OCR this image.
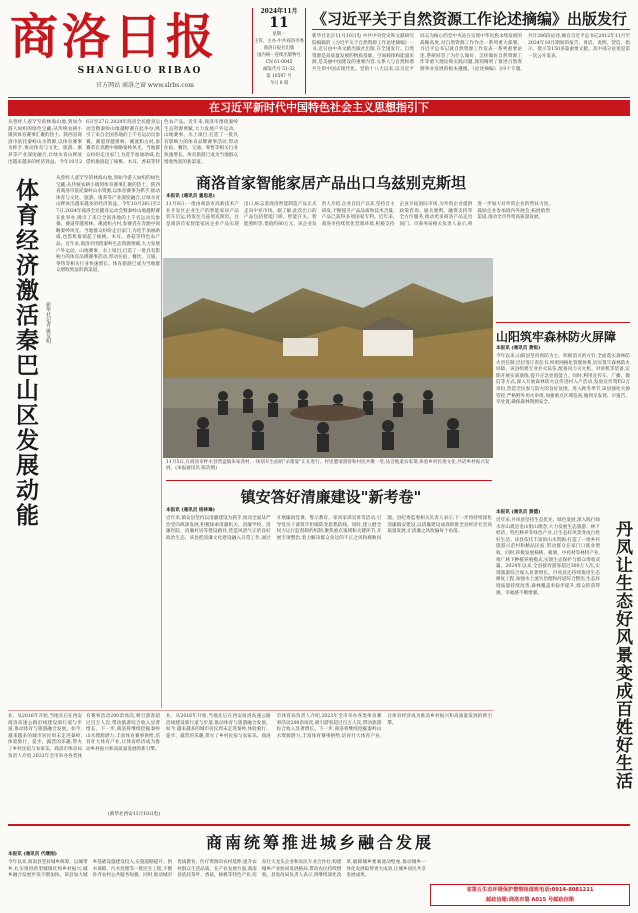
商洛日报
SHANGLUO RIBAO
官方网站 商洛之窗 www.slrbs.com
2024年11月
11
星期一
主管、主办:中共商洛市委
商洛日报社出版
国内统一连续出版物号
CN 61-0045
邮发代号 51-32
第 10597 号
今日 8 版
《习近平关于自然资源工作论述摘编》出版发行
新华社北京11月10日电 中共中央党史和文献研究院编辑的《习近平关于自然资源工作论述摘编》一书,近日由中央文献出版社出版,在全国发行。自然资源是高质量发展的物质基础、空间载体和能量来源,是美丽中国建设的重要内容,关系人与自然和谐共生的中国式现代化。党的十八大以来,以习近平同志为核心的党中央站在实现中华民族永续发展的战略高度,对自然资源工作作出一系列重大部署。习近平总书记就自然资源工作发表一系列重要论述,系统回答了为什么做好、怎样做好自然资源工作等重大理论和实践问题,深刻阐明了推进自然资源事业发展的根本遵循。《论述摘编》分8个专题,共计286段论述,摘自习近平总书记2012年11月至2024年10月期间的报告、讲话、说明、贺信、指示、批示等150多篇重要文献。其中部分论述是第一次公开发表。
在习近平新时代中国特色社会主义思想指引下
从曾经人迹罕至的林海山地,到如今游人如织的绿色宝藏;从传统农耕小镇到体育赛事汇聚的热土。陕西省商洛市依托秦岭山水资源,以体育赛事为抓手,推动体育与文化、旅游、康养等产业深度融合,让绿水青山释放出越来越多的经济效益。今年10月26日至27日,2024年商洛全民健身运动会暨秦岭山地越野赛在此举办,吸引了来自全国各地的上千名运动员参赛。赛道穿越密林、溪流和古村,参赛者在奔跑中领略秦岭风光。当地群众纷纷走出家门,为选手加油助威,也借机推销起了核桃、木耳、香菇等特色农产品。近年来,商洛市围绕秦岭生态资源禀赋,大力发展户外运动、山地赛事、水上项目,打造了一批具有影响力的体育品牌赛事活动,带动住宿、餐饮、交通、零售等相关行业快速增长。体育旅游已成为当地群众增收致富的新渠道。
体育经济激活秦巴山区发展动能	新华社记者 姚友明
从曾经人迹罕至的林海山地,到如今游人如织的绿色宝藏;从传统农耕小镇到体育赛事汇聚的热土。陕西省商洛市依托秦岭山水资源,以体育赛事为抓手,推动体育与文化、旅游、康养等产业深度融合,让绿水青山释放出越来越多的经济效益。今年10月26日至27日,2024年商洛全民健身运动会暨秦岭山地越野赛在此举办,吸引了来自全国各地的上千名运动员参赛。赛道穿越密林、溪流和古村,参赛者在奔跑中领略秦岭风光。当地群众纷纷走出家门,为选手加油助威,也借机推销起了核桃、木耳、香菇等特色农产品。近年来,商洛市围绕秦岭生态资源禀赋,大力发展户外运动、山地赛事、水上项目,打造了一批具有影响力的体育品牌赛事活动,带动住宿、餐饮、交通、零售等相关行业快速增长。体育旅游已成为当地群众增收致富的新渠道。
商洛首家智能家居产品出口乌兹别克斯坦
本报讯 (通讯员 童思思)
11月8日,一批由商洛市高新技术产业开发区企业生产的智能家居产品装车启运,将发往乌兹别克斯坦。这是商洛首家智能家居企业产品实现出口,标志着商洛智能制造产品正式走向中亚市场。据了解,此次出口的产品包括智能门锁、智能开关、智能照明等,货值约80万元。该企业负责人介绍,企业自投产以来,坚持自主研发,不断提升产品品质和技术含量,产品已获得多项国家专利。近年来,商洛市持续优化营商环境,积极支持企业开拓国际市场,为外贸企业提供政策咨询、通关便利、融资支持等全方位服务,推动更多商洛产品走出国门。市商务局相关负责人表示,将进一步加大对外贸企业的帮扶力度,鼓励企业参加境内外展会,拓展销售渠道,推动全市外贸高质量发展。
11月5日,在商洛市柞水县营盘镇朱家湾村,一场别开生面的"杀猪宴"正在进行。村里邀请游客和村民共聚一堂,品尝地道农家菜,体验乡村民俗文化,共话乡村振兴发展。(本报通讯员 陈浩摄)
山阳筑牢森林防火屏障
本报讯 (通讯员 黄锐)
今年以来,山阳县坚持预防为主、积极消灭的方针,全面落实森林防火责任制,层层签订责任书,织密网格化管理体系,切实筑牢森林防火屏障。该县组建专业扑火队伍,配备风力灭火机、对讲机等装备,定期开展实战演练,提升应急处置能力。同时,利用宣传车、广播、微信等方式,深入开展森林防火宣传进村入户活动,发放宣传资料2万余份,营造全民参与防火的良好氛围。进入秋冬季节,该县强化火源管控,严格野外用火审批,加强重点区域巡查,做到早发现、早报告、早处置,确保森林资源安全。
本报讯 (通讯员 黄德)
近年来,丹凤县坚持生态优先、绿色发展,深入践行绿水青山就是金山银山理念,大力发展生态旅游、林下经济、特色种养等绿色产业,让生态好风景变成百姓好生活。该县依托丰富的山水资源,打造了一批乡村旅游示范村和精品民宿,带动群众在家门口就业增收。同时,积极发展核桃、板栗、中药材等林特产业,推广林下种植养殖模式,实现生态保护与群众增收双赢。2024年以来,全县接待游客超过300万人次,实现旅游综合收入显著增长。丹凤县还持续推进生态修复工程,加强水土流失治理和河道综合整治,生态环境质量持续改善,森林覆盖率稳步提升,群众的获得感、幸福感不断增强。	丹凤让生态好风景变成百姓好生活
镇安答好清廉建设"新考卷"
本报讯 (通讯员 杨林琳)
近年来,镇安县坚持以清廉建设为抓手,推动全面从严治党向纵深发展,积极探索清廉机关、清廉学校、清廉医院、清廉村居等建设路径,营造风清气正的良好政治生态。该县把清廉文化建设融入日常工作,通过开展廉政党课、警示教育、家风家训宣讲等活动,引导党员干部筑牢拒腐防变思想防线。同时,建立健全权力运行监督制约机制,聚焦重点领域和关键环节,开展专项整治,着力解决群众身边的不正之风和腐败问题。县纪委监委相关负责人表示,下一步将持续深化清廉镇安建设,以清廉建设成效助推全县经济社会高质量发展,让清廉之风吹遍每个角落。
业、从2016年开始,当地先后在西安商洛高速公路沿线建设骑行道与步道,推动体育与旅游融合发展。如今,越来越多的城市居民周末走进秦岭,体验骑行、徒步、露营的乐趣,带火了乡村民宿与农家乐。商洛市体育局负责人介绍,2023年全市举办各类体育赛事活动200余场次,吸引游客超过百万人次,带动旅游综合收入显著增长。下一步,商洛将继续挖掘秦岭山水资源潜力,丰富体育赛事供给,培育壮大体育产业,让体育经济成为推动乡村振兴和高质量发展的新引擎。
(新华社西安11月10日电)
业、从2016年开始,当地先后在西安商洛高速公路沿线建设骑行道与步道,推动体育与旅游融合发展。如今,越来越多的城市居民周末走进秦岭,体验骑行、徒步、露营的乐趣,带火了乡村民宿与农家乐。商洛市体育局负责人介绍,2023年全市举办各类体育赛事活动200余场次,吸引游客超过百万人次,带动旅游综合收入显著增长。下一步,商洛将继续挖掘秦岭山水资源潜力,丰富体育赛事供给,培育壮大体育产业,让体育经济成为推动乡村振兴和高质量发展的新引擎。
商南统筹推进城乡融合发展
本报讯 (通讯员 代继刚)
今年以来,商南县坚持城乡统筹、以城带乡,扎实推进新型城镇化和乡村振兴,城乡融合发展步伐不断加快。该县加大城乡基础设施建设投入,实施道路提升、供水保障、污水处理等一批民生工程,不断补齐农村公共服务短板。同时,推动城市优质教育、医疗资源向农村延伸,提升农村群众生活品质。在产业发展方面,商南县依托茶叶、香菇、核桃等特色产业,培育壮大龙头企业和农民专业合作社,构建城乡产业协同发展格局,带动农民持续增收。县发改局负责人表示,将继续深化改革,破除城乡要素流动壁垒,推动城乡一体化发展取得更大成效,让城乡居民共享发展成果。
省第五生态环境保护督察组值班电话:0914-8081211
邮政信箱:商洛市第 A015 号邮政信箱
